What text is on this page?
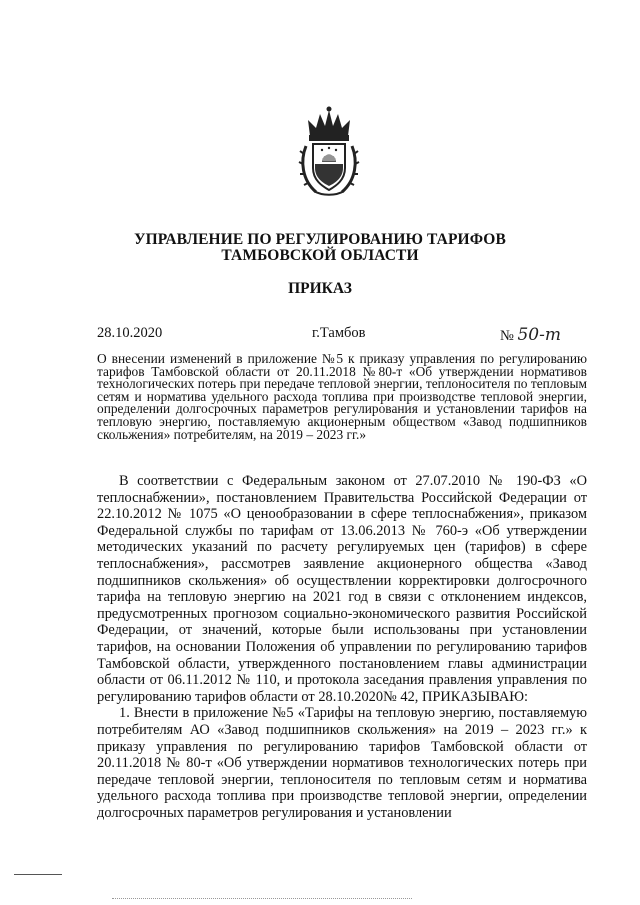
УПРАВЛЕНИЕ ПО РЕГУЛИРОВАНИЮ ТАРИФОВ
ТАМБОВСКОЙ ОБЛАСТИ
ПРИКАЗ
28.10.2020	г.Тамбов	№ 50-т
О внесении изменений в приложение №5 к приказу управления по регулированию тарифов Тамбовской области от 20.11.2018 №80-т «Об утверждении нормативов технологических потерь при передаче тепловой энергии, теплоносителя по тепловым сетям и норматива удельного расхода топлива при производстве тепловой энергии, определении долгосрочных параметров регулирования и установлении тарифов на тепловую энергию, поставляемую акционерным обществом «Завод подшипников скольжения» потребителям, на 2019 – 2023 гг.»

В соответствии с Федеральным законом от 27.07.2010 № 190-ФЗ «О теплоснабжении», постановлением Правительства Российской Федерации от 22.10.2012 № 1075 «О ценообразовании в сфере теплоснабжения», приказом Федеральной службы по тарифам от 13.06.2013 № 760-э «Об утверждении методических указаний по расчету регулируемых цен (тарифов) в сфере теплоснабжения», рассмотрев заявление акционерного общества «Завод подшипников скольжения» об осуществлении корректировки долгосрочного тарифа на тепловую энергию на 2021 год в связи с отклонением индексов, предусмотренных прогнозом социально-экономического развития Российской Федерации, от значений, которые были использованы при установлении тарифов, на основании Положения об управлении по регулированию тарифов Тамбовской области, утвержденного постановлением главы администрации области от 06.11.2012 № 110, и протокола заседания правления управления по регулированию тарифов области от 28.10.2020№ 42, ПРИКАЗЫВАЮ:

1. Внести в приложение №5 «Тарифы на тепловую энергию, поставляемую потребителям АО «Завод подшипников скольжения» на 2019 – 2023 гг.» к приказу управления по регулированию тарифов Тамбовской области от 20.11.2018 № 80-т «Об утверждении нормативов технологических потерь при передаче тепловой энергии, теплоносителя по тепловым сетям и норматива удельного расхода топлива при производстве тепловой энергии, определении долгосрочных параметров регулирования и установлении
